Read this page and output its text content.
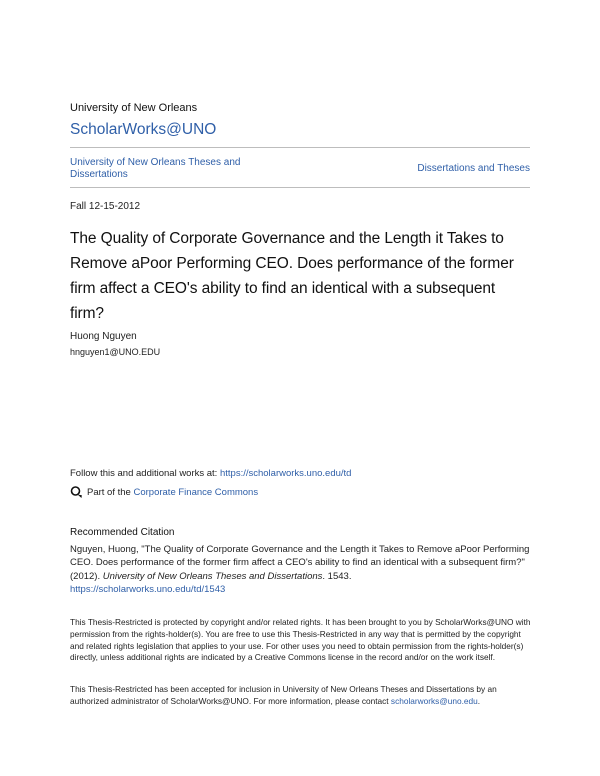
University of New Orleans
ScholarWorks@UNO
University of New Orleans Theses and Dissertations
Dissertations and Theses
Fall 12-15-2012
The Quality of Corporate Governance and the Length it Takes to Remove aPoor Performing CEO. Does performance of the former firm affect a CEO's ability to find an identical with a subsequent firm?
Huong Nguyen
hnguyen1@UNO.EDU
Follow this and additional works at: https://scholarworks.uno.edu/td
Part of the
Corporate Finance Commons
Recommended Citation
Nguyen, Huong, "The Quality of Corporate Governance and the Length it Takes to Remove aPoor Performing CEO. Does performance of the former firm affect a CEO's ability to find an identical with a subsequent firm?" (2012). University of New Orleans Theses and Dissertations. 1543.
https://scholarworks.uno.edu/td/1543
This Thesis-Restricted is protected by copyright and/or related rights. It has been brought to you by ScholarWorks@UNO with permission from the rights-holder(s). You are free to use this Thesis-Restricted in any way that is permitted by the copyright and related rights legislation that applies to your use. For other uses you need to obtain permission from the rights-holder(s) directly, unless additional rights are indicated by a Creative Commons license in the record and/or on the work itself.
This Thesis-Restricted has been accepted for inclusion in University of New Orleans Theses and Dissertations by an authorized administrator of ScholarWorks@UNO. For more information, please contact scholarworks@uno.edu.
